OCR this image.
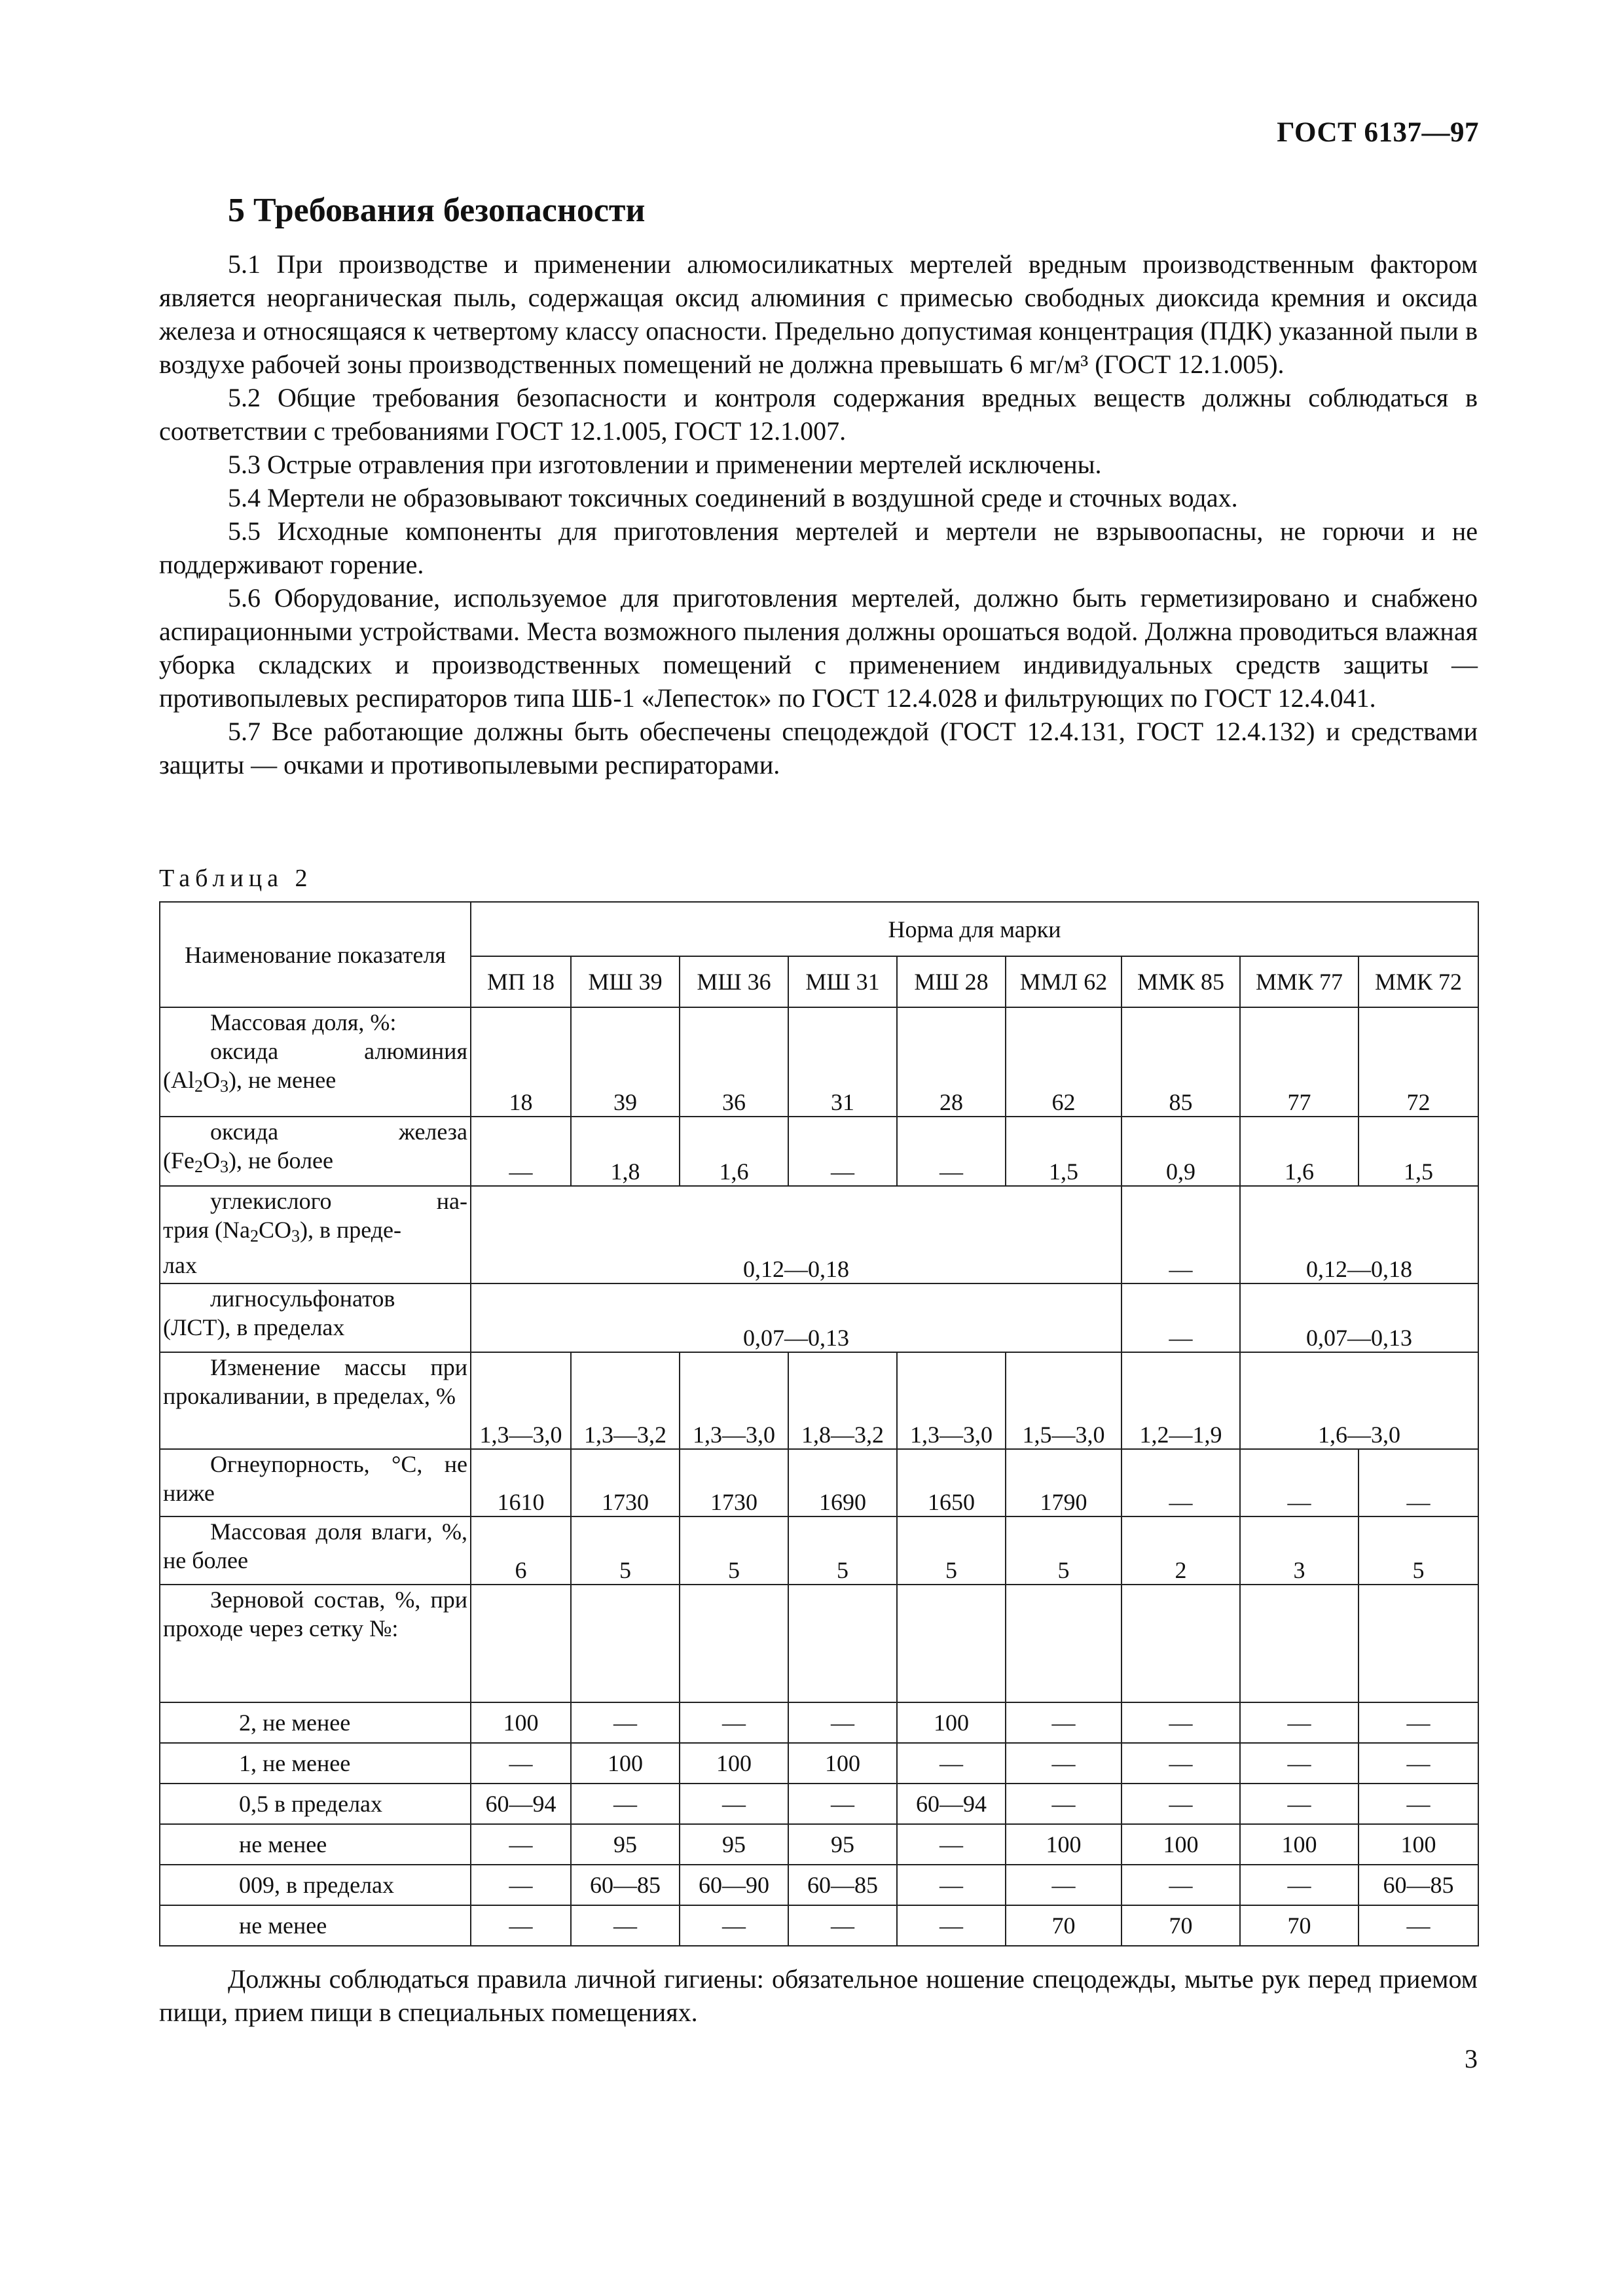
ГОСТ 6137—97
5 Требования безопасности

5.1 При производстве и применении алюмосиликатных мертелей вредным производственным фактором является неорганическая пыль, содержащая оксид алюминия с примесью свободных диоксида кремния и оксида железа и относящаяся к четвертому классу опасности. Предельно допустимая концентрация (ПДК) указанной пыли в воздухе рабочей зоны производственных помещений не должна превышать 6 мг/м³ (ГОСТ 12.1.005).

5.2 Общие требования безопасности и контроля содержания вредных веществ должны соблюдаться в соответствии с требованиями ГОСТ 12.1.005, ГОСТ 12.1.007.

5.3 Острые отравления при изготовлении и применении мертелей исключены.

5.4 Мертели не образовывают токсичных соединений в воздушной среде и сточных водах.

5.5 Исходные компоненты для приготовления мертелей и мертели не взрывоопасны, не горючи и не поддерживают горение.

5.6 Оборудование, используемое для приготовления мертелей, должно быть герметизировано и снабжено аспирационными устройствами. Места возможного пыления должны орошаться водой. Должна проводиться влажная уборка складских и производственных помещений с применением индивидуальных средств защиты — противопылевых респираторов типа ШБ-1 «Лепесток» по ГОСТ 12.4.028 и фильтрующих по ГОСТ 12.4.041.

5.7 Все работающие должны быть обеспечены спецодеждой (ГОСТ 12.4.131, ГОСТ 12.4.132) и средствами защиты — очками и противопылевыми респираторами.

Таблица 2
Наименование показателя	Норма для марки								
	МП 18	МШ 39	МШ 36	МШ 31	МШ 28	ММЛ 62	ММК 85	ММК 77	ММК 72

Массовая доля, %:
оксида алюминия
$(Al_2O_3)$, не менее	18	39	36	31	28	62	85	77	72

оксида железа
$(Fe_2O_3)$, не более	—	1,8	1,6	—	—	1,5	0,9	1,6	1,5

углекислого на-
трия $(Na_2CO_3)$, в преде-
лах	0,12—0,18						—	0,12—0,18	
лигносульфонатов (ЛСТ), в пределах	0,07—0,13						—	0,07—0,13	
Изменение массы при прокаливании, в пределах, %	1,3—3,0	1,3—3,2	1,3—3,0	1,8—3,2	1,3—3,0	1,5—3,0	1,2—1,9	1,6—3,0	
Огнеупорность, °С, не ниже	1610	1730	1730	1690	1650	1790	—	—	—
Массовая доля влаги, %, не более	6	5	5	5	5	5	2	3	5
Зерновой состав, %, при проходе через сетку №:									
2, не менее	100	—	—	—	100	—	—	—	—
1, не менее	—	100	100	100	—	—	—	—	—
0,5 в пределах	60—94	—	—	—	60—94	—	—	—	—
не менее	—	95	95	95	—	100	100	100	100
009, в пределах	—	60—85	60—90	60—85	—	—	—	—	60—85
не менее	—	—	—	—	—	70	70	70	—

Должны соблюдаться правила личной гигиены: обязательное ношение спецодежды, мытье рук перед приемом пищи, прием пищи в специальных помещениях.

3
